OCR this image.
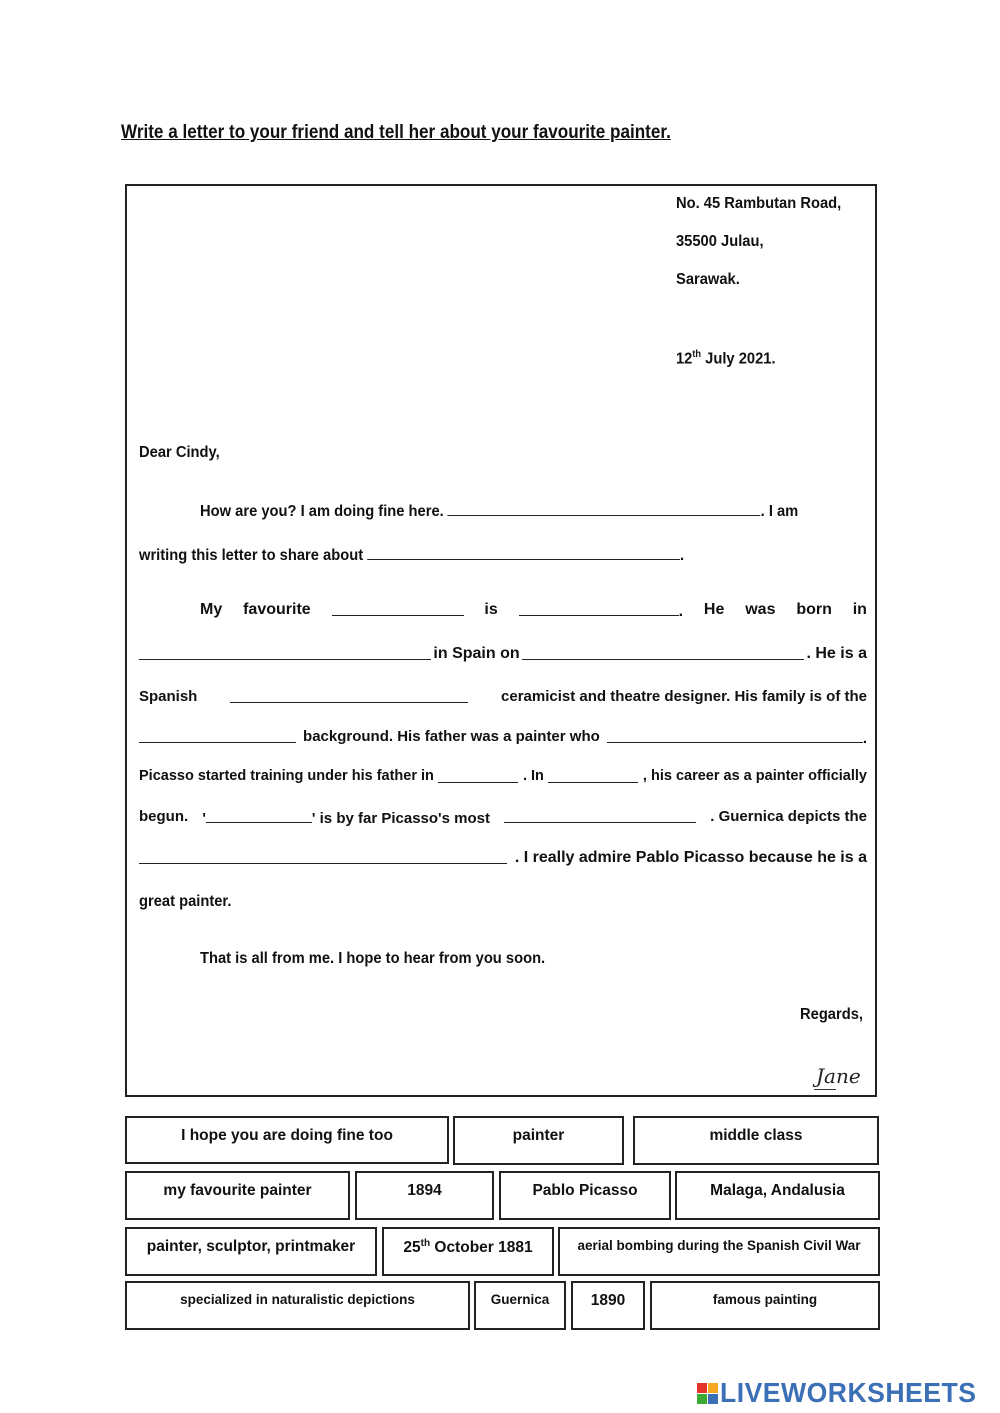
Write a letter to your friend and tell her about your favourite painter.
No. 45 Rambutan Road,
35500 Julau,
Sarawak.
12th July 2021.
Dear Cindy,
How are you? I am doing fine here.	. I am
writing this letter to share about	.
My favourite	is	. He was born in
in Spain on	. He is a
Spanish	ceramicist and theatre designer. His family is of the
background. His father was a painter who	.
Picasso started training under his father in	. In	, his career as a painter officially
begun. '	' is by far Picasso's most	. Guernica depicts the
. I really admire Pablo Picasso because he is a
great painter.
That is all from me. I hope to hear from you soon.
Regards,
Jane
I hope you are doing fine too	painter	middle class
my favourite painter	1894	Pablo Picasso	Malaga, Andalusia
painter, sculptor, printmaker	25th October 1881	aerial bombing during the Spanish Civil War
specialized in naturalistic depictions	Guernica	1890	famous painting
LIVEWORKSHEETS
